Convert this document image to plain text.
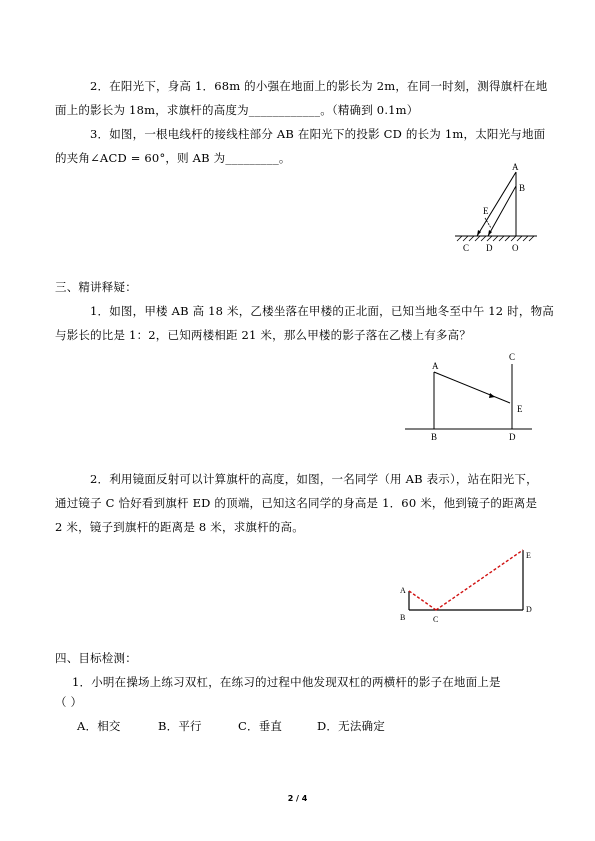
2．在阳光下，身高 1．68m 的小强在地面上的影长为 2m，在同一时刻，测得旗杆在地
面上的影长为 18m，求旗杆的高度为____________。（精确到 0.1m）
3．如图，一根电线杆的接线柱部分 AB 在阳光下的投影 CD 的长为 1m，太阳光与地面
的夹角∠ACD = 60°，则 AB 为_________。
A
B
E
C D O
三、精讲释疑：
1．如图，甲楼 AB 高 18 米，乙楼坐落在甲楼的正北面，已知当地冬至中午 12 时，物高
与影长的比是 1：2，已知两楼相距 21 米，那么甲楼的影子落在乙楼上有多高？
A
B
C
E
D
2．利用镜面反射可以计算旗杆的高度，如图，一名同学（用 AB 表示），站在阳光下，
通过镜子 C 恰好看到旗杆 ED 的顶端，已知这名同学的身高是 1．60 米，他到镜子的距离是
2 米，镜子到旗杆的距离是 8 米，求旗杆的高。
A
B	C
E
D
四、目标检测：
1．小明在操场上练习双杠，在练习的过程中他发现双杠的两横杆的影子在地面上是
（ ）
A．相交	B．平行	C．垂直	D．无法确定
2 / 4
